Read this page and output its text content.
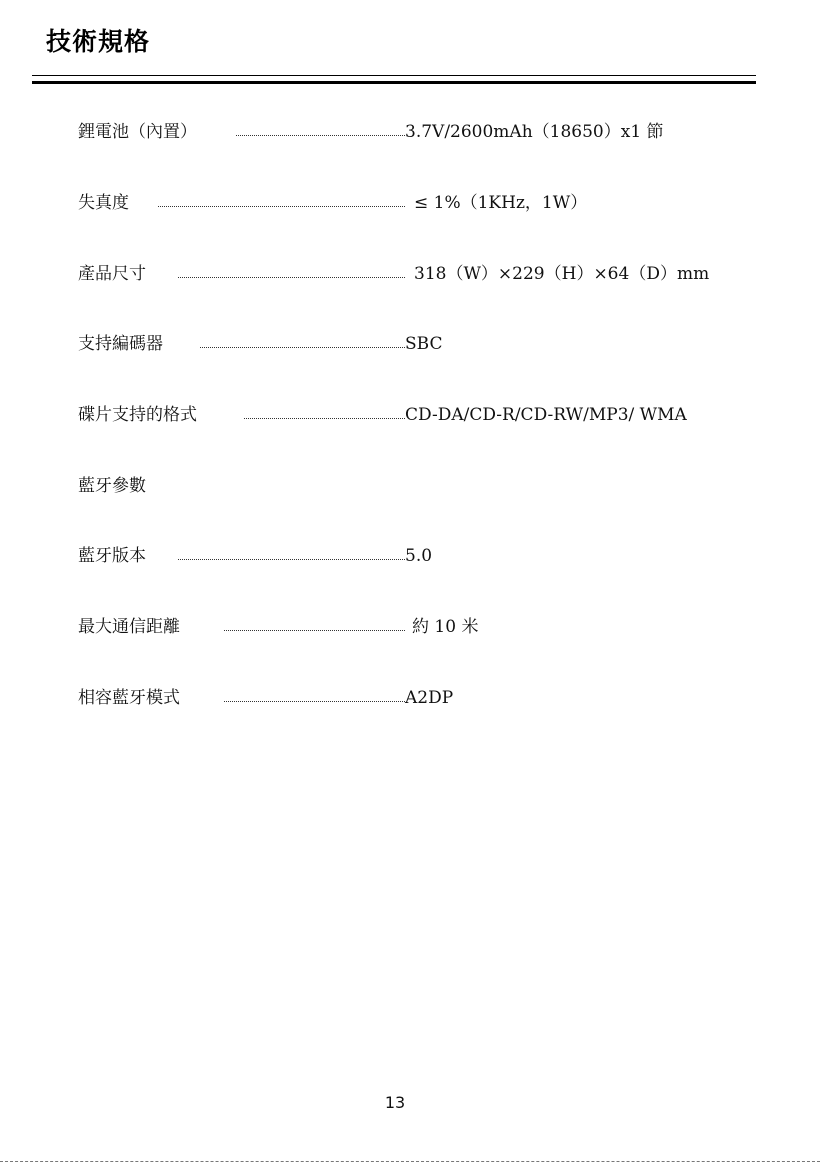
技術規格
鋰電池（內置）	3.7V/2600mAh（18650）x1 節
失真度	≤ 1%（1KHz，1W）
產品尺寸	318（W）×229（H）×64（D）mm
支持編碼器	SBC
碟片支持的格式	CD-DA/CD-R/CD-RW/MP3/ WMA
藍牙參數
藍牙版本	5.0
最大通信距離	約 10 米
相容藍牙模式	A2DP
13
